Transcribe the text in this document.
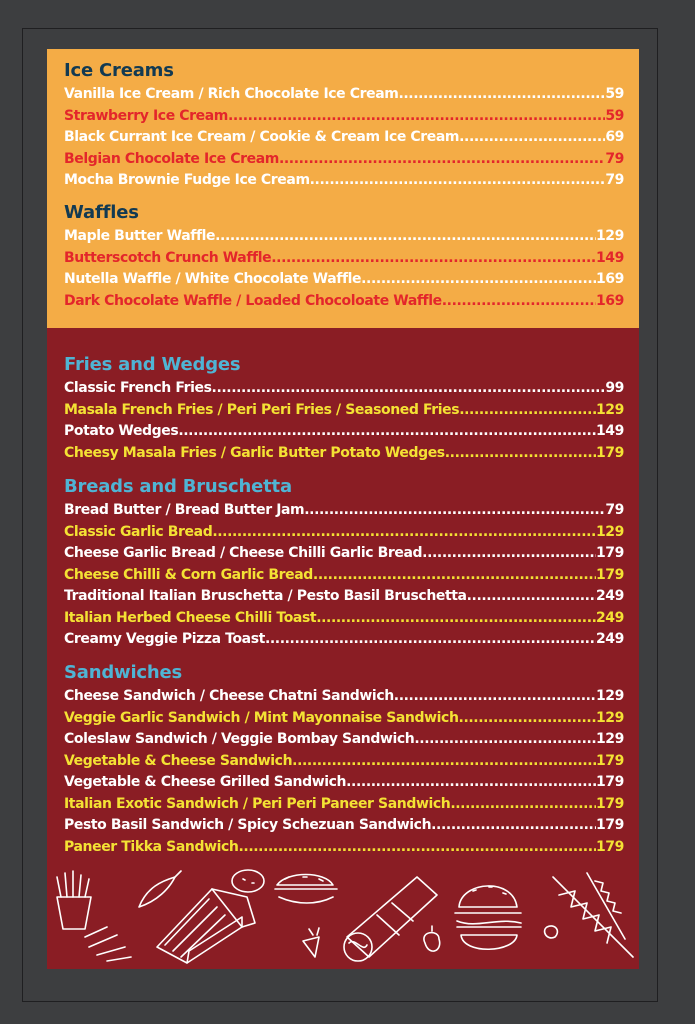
Ice Creams
Vanilla Ice Cream / Rich Chocolate Ice Cream .....	59
Strawberry Ice Cream .....	59
Black Currant Ice Cream / Cookie & Cream Ice Cream .....	69
Belgian Chocolate Ice Cream .....	79
Mocha Brownie Fudge Ice Cream .....	79
Waffles
Maple Butter Waffle .....	129
Butterscotch Crunch Waffle .....	149
Nutella Waffle / White Chocolate Waffle .....	169
Dark Chocolate Waffle / Loaded Chocoloate Waffle .....	169
Fries and Wedges
Classic French Fries .....	99
Masala French Fries / Peri Peri Fries / Seasoned Fries .....	129
Potato Wedges .....	149
Cheesy Masala Fries / Garlic Butter Potato Wedges .....	179
Breads and Bruschetta
Bread Butter / Bread Butter Jam .....	79
Classic Garlic Bread .....	129
Cheese Garlic Bread / Cheese Chilli Garlic Bread .....	179
Cheese Chilli & Corn Garlic Bread .....	179
Traditional Italian Bruschetta / Pesto Basil Bruschetta .....	249
Italian Herbed Cheese Chilli Toast .....	249
Creamy Veggie Pizza Toast .....	249
Sandwiches
Cheese Sandwich / Cheese Chatni Sandwich .....	129
Veggie Garlic Sandwich / Mint Mayonnaise Sandwich .....	129
Coleslaw Sandwich / Veggie Bombay Sandwich .....	129
Vegetable & Cheese Sandwich .....	179
Vegetable & Cheese Grilled Sandwich .....	179
Italian Exotic Sandwich / Peri Peri Paneer Sandwich .....	179
Pesto Basil Sandwich / Spicy Schezuan Sandwich .....	179
Paneer Tikka Sandwich .....	179
